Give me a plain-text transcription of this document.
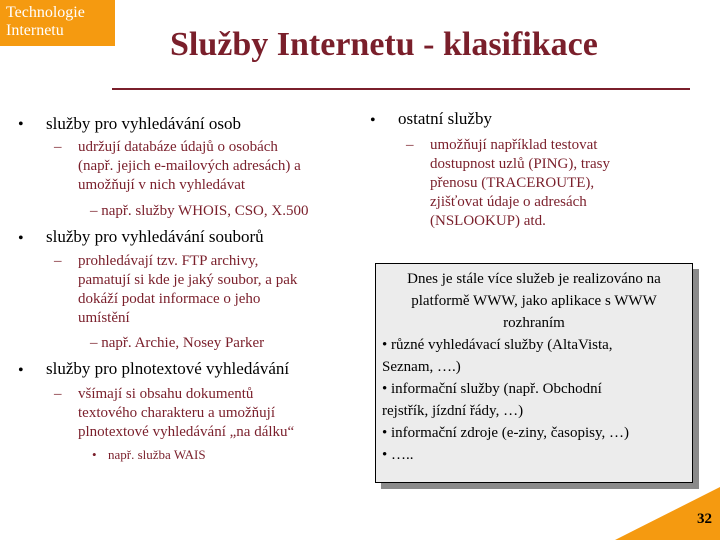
Technologie
Internetu	Služby Internetu - klasifikace
• služby pro vyhledávání osob
– udržují databáze údajů o osobách
(např. jejich e-mailových adresách) a
umožňují v nich vyhledávat
– např. služby WHOIS, CSO, X.500
• služby pro vyhledávání souborů
– prohledávají tzv. FTP archivy,
pamatují si kde je jaký soubor, a pak
dokáží podat informace o jeho
umístění
– např. Archie, Nosey Parker
• služby pro plnotextové vyhledávání
– všímají si obsahu dokumentů
textového charakteru a umožňují
plnotextové vyhledávání „na dálku“
• např. služba WAIS
• ostatní služby
– umožňují například testovat
dostupnost uzlů (PING), trasy
přenosu (TRACEROUTE),
zjišťovat údaje o adresách
(NSLOOKUP) atd.
Dnes je stále více služeb je realizováno na
platformě WWW, jako aplikace s WWW
rozhraním
• různé vyhledávací služby (AltaVista,
Seznam, ….)
• informační služby (např. Obchodní
rejstřík, jízdní řády, …)
• informační zdroje (e-ziny, časopisy, …)
• …..
32
